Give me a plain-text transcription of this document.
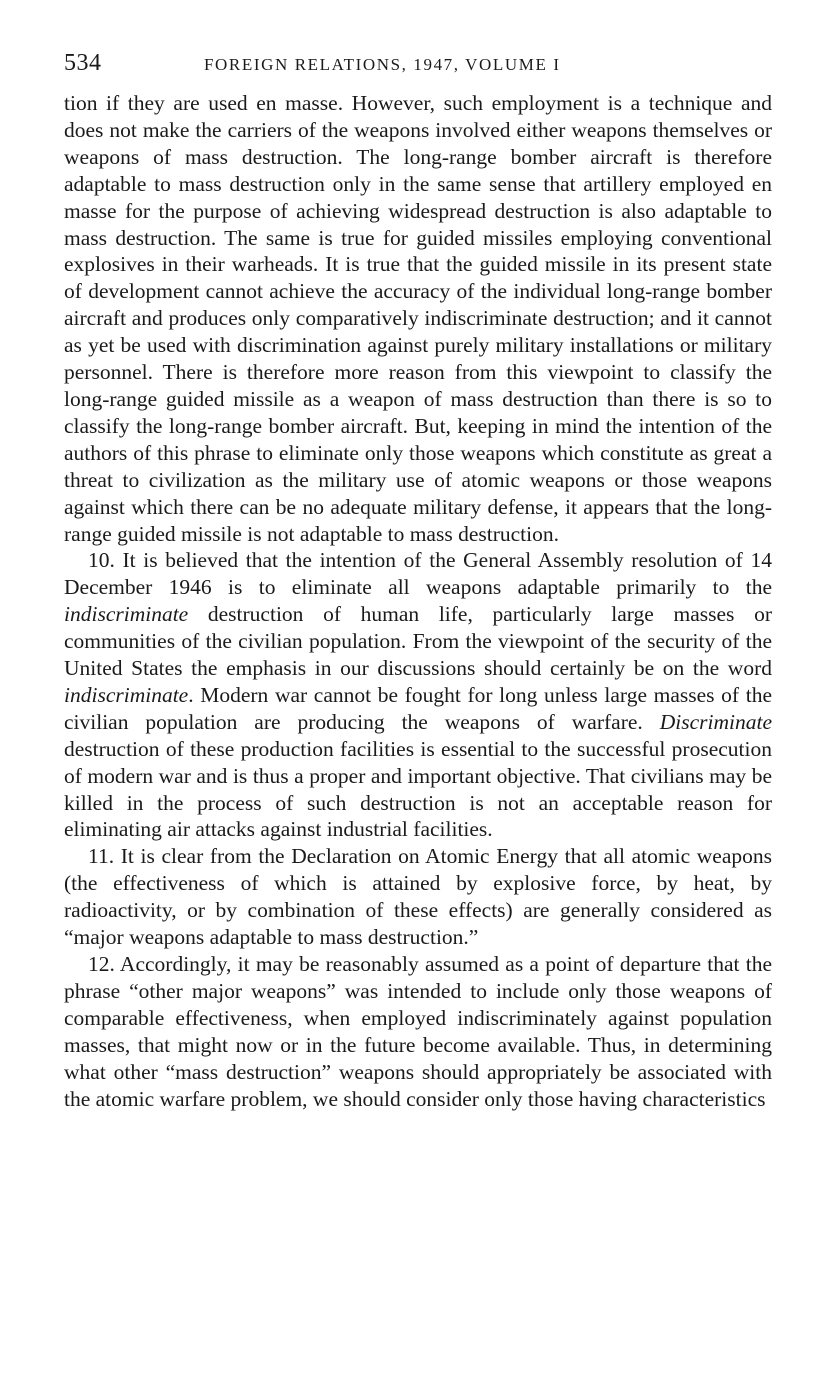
534	FOREIGN RELATIONS, 1947, VOLUME I

tion if they are used en masse. However, such employment is a technique and does not make the carriers of the weapons involved either weapons themselves or weapons of mass destruction. The long-range bomber aircraft is therefore adaptable to mass destruction only in the same sense that artillery employed en masse for the purpose of achieving widespread destruction is also adaptable to mass destruction. The same is true for guided missiles employing conventional explosives in their warheads. It is true that the guided missile in its present state of development cannot achieve the accuracy of the individual long-range bomber aircraft and produces only comparatively indiscriminate destruction; and it cannot as yet be used with discrimination against purely military installations or military personnel. There is therefore more reason from this viewpoint to classify the long-range guided missile as a weapon of mass destruction than there is so to classify the long-range bomber aircraft. But, keeping in mind the intention of the authors of this phrase to eliminate only those weapons which constitute as great a threat to civilization as the military use of atomic weapons or those weapons against which there can be no adequate military defense, it appears that the long-range guided missile is not adaptable to mass destruction.

10. It is believed that the intention of the General Assembly resolution of 14 December 1946 is to eliminate all weapons adaptable primarily to the indiscriminate destruction of human life, particularly large masses or communities of the civilian population. From the viewpoint of the security of the United States the emphasis in our discussions should certainly be on the word indiscriminate. Modern war cannot be fought for long unless large masses of the civilian population are producing the weapons of warfare. Discriminate destruction of these production facilities is essential to the successful prosecution of modern war and is thus a proper and important objective. That civilians may be killed in the process of such destruction is not an acceptable reason for eliminating air attacks against industrial facilities.

11. It is clear from the Declaration on Atomic Energy that all atomic weapons (the effectiveness of which is attained by explosive force, by heat, by radioactivity, or by combination of these effects) are generally considered as “major weapons adaptable to mass destruction.”

12. Accordingly, it may be reasonably assumed as a point of departure that the phrase “other major weapons” was intended to include only those weapons of comparable effectiveness, when employed indiscriminately against population masses, that might now or in the future become available. Thus, in determining what other “mass destruction” weapons should appropriately be associated with the atomic warfare problem, we should consider only those having characteristics
